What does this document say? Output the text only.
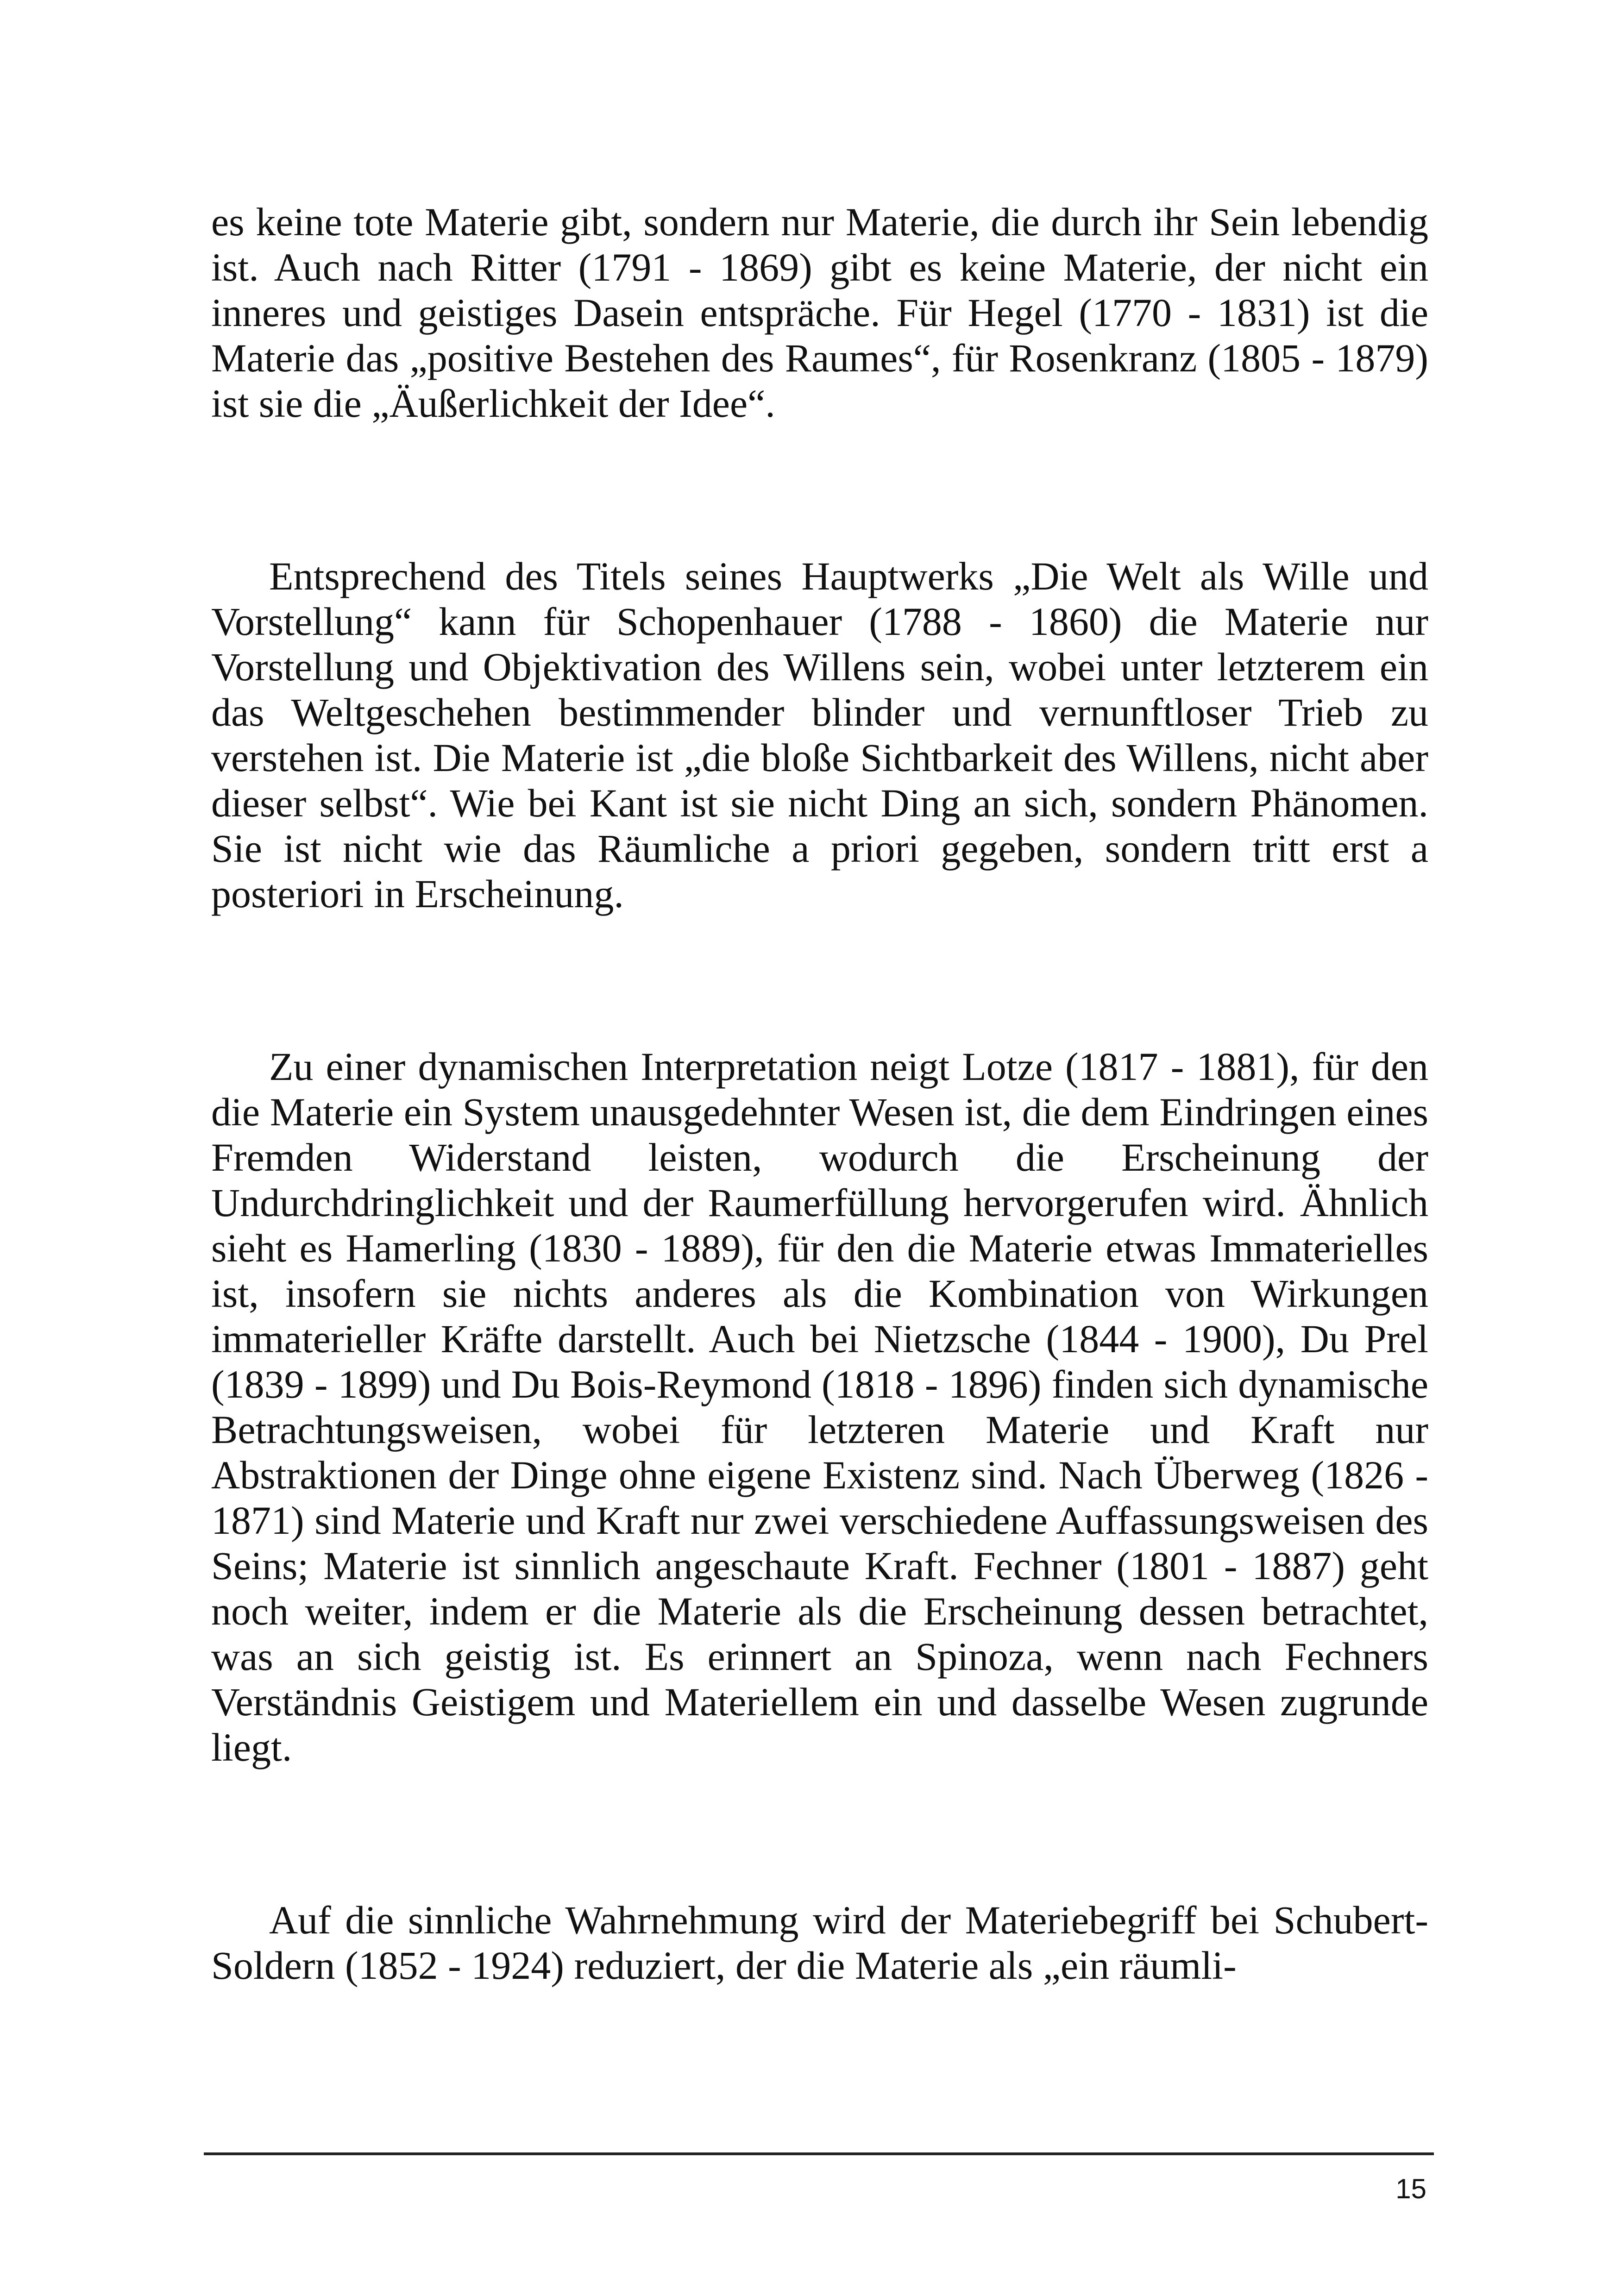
es keine tote Materie gibt, sondern nur Materie, die durch ihr Sein lebendig ist. Auch nach Ritter (1791 - 1869) gibt es keine Materie, der nicht ein inneres und geistiges Dasein entspräche. Für Hegel (1770 - 1831) ist die Materie das „positive Bestehen des Raumes“, für Rosenkranz (1805 - 1879) ist sie die „Äußerlichkeit der Idee“.

Entsprechend des Titels seines Hauptwerks „Die Welt als Wille und Vorstellung“ kann für Schopenhauer (1788 - 1860) die Materie nur Vorstellung und Objektivation des Willens sein, wobei unter letzterem ein das Weltgeschehen bestimmender blinder und vernunftloser Trieb zu verstehen ist. Die Materie ist „die bloße Sichtbarkeit des Willens, nicht aber dieser selbst“. Wie bei Kant ist sie nicht Ding an sich, sondern Phänomen. Sie ist nicht wie das Räumliche a priori gegeben, sondern tritt erst a posteriori in Erscheinung.

Zu einer dynamischen Interpretation neigt Lotze (1817 - 1881), für den die Materie ein System unausgedehnter Wesen ist, die dem Eindringen eines Fremden Widerstand leisten, wodurch die Erscheinung der Undurchdringlichkeit und der Raumerfüllung hervorgerufen wird. Ähnlich sieht es Hamerling (1830 - 1889), für den die Materie etwas Immaterielles ist, insofern sie nichts anderes als die Kombination von Wirkungen immaterieller Kräfte darstellt. Auch bei Nietzsche (1844 - 1900), Du Prel (1839 - 1899) und Du Bois-Reymond (1818 - 1896) finden sich dynamische Betrachtungsweisen, wobei für letzteren Materie und Kraft nur Abstraktionen der Dinge ohne eigene Existenz sind. Nach Überweg (1826 - 1871) sind Materie und Kraft nur zwei verschiedene Auffassungsweisen des Seins; Materie ist sinnlich angeschaute Kraft. Fechner (1801 - 1887) geht noch weiter, indem er die Materie als die Erscheinung dessen betrachtet, was an sich geistig ist. Es erinnert an Spinoza, wenn nach Fechners Verständnis Geistigem und Materiellem ein und dasselbe Wesen zugrunde liegt.

Auf die sinnliche Wahrnehmung wird der Materiebegriff bei Schubert-Soldern (1852 - 1924) reduziert, der die Materie als „ein räumli-

15
